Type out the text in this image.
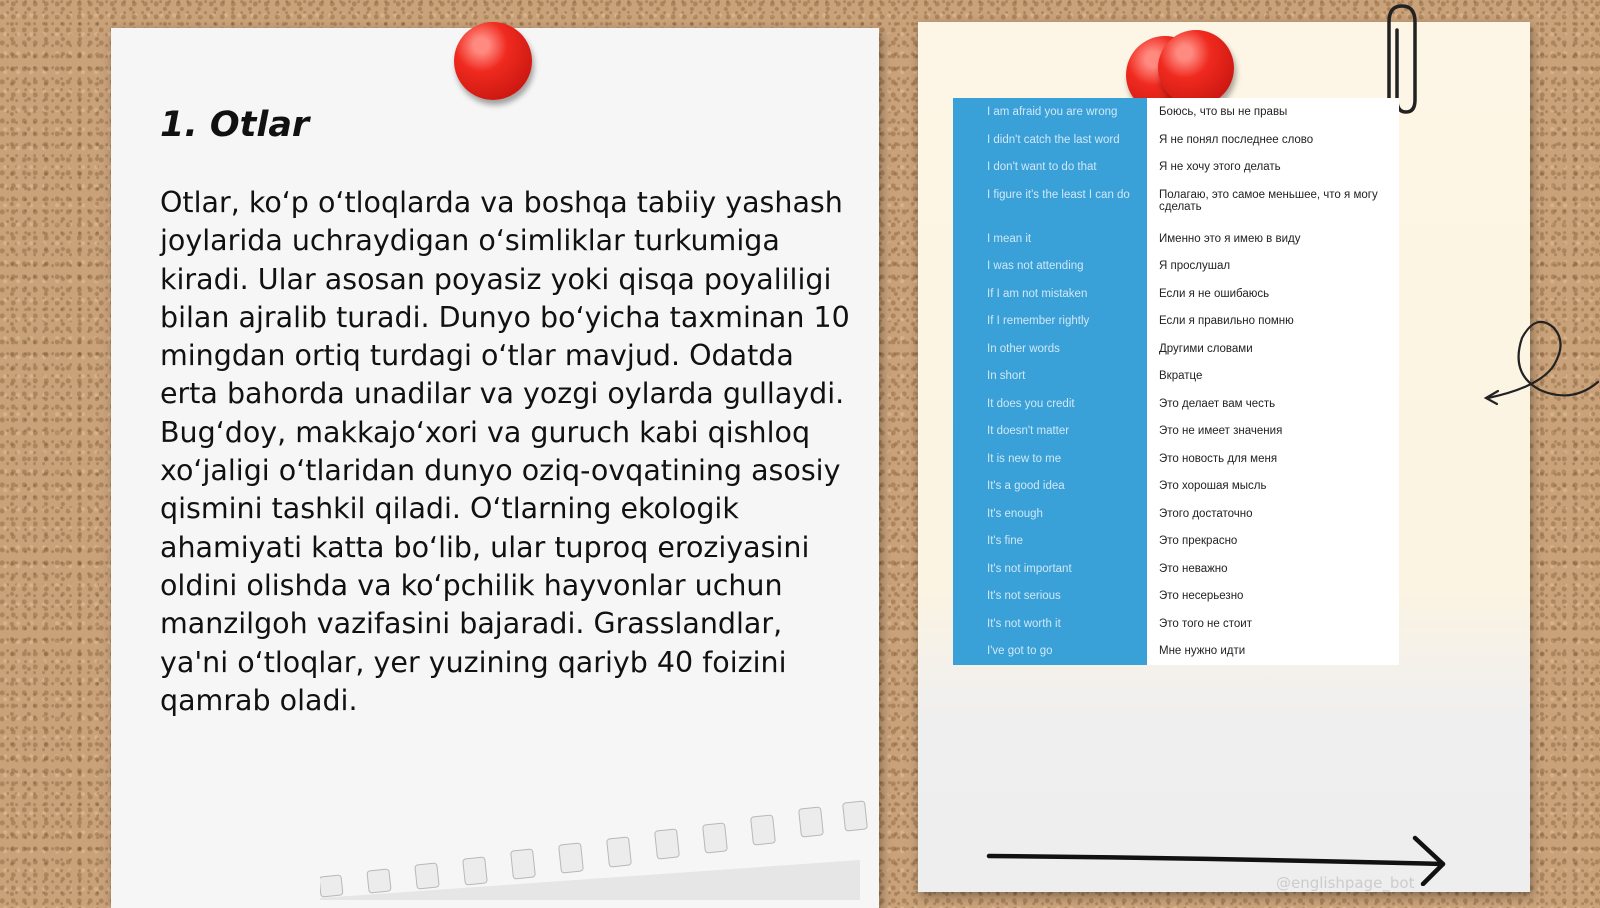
1. Otlar

Otlar, koʻp oʻtloqlarda va boshqa tabiiy yashash joylarida uchraydigan oʻsimliklar turkumiga kiradi. Ular asosan poyasiz yoki qisqa poyaliligi bilan ajralib turadi. Dunyo boʻyicha taxminan 10 mingdan ortiq turdagi oʻtlar mavjud. Odatda erta bahorda unadilar va yozgi oylarda gullaydi. Bugʻdoy, makkajoʻxori va guruch kabi qishloq xoʻjaligi oʻtlaridan dunyo oziq-ovqatining asosiy qismini tashkil qiladi. Oʻtlarning ekologik ahamiyati katta boʻlib, ular tuproq eroziyasini oldini olishda va koʻpchilik hayvonlar uchun manzilgoh vazifasini bajaradi. Grasslandlar, ya'ni oʻtloqlar, yer yuzining qariyb 40 foizini qamrab oladi.

I am afraid you are wrong	Боюсь, что вы не правы
I didn't catch the last word	Я не понял последнее слово
I don't want to do that	Я не хочу этого делать
I figure it's the least I can do	Полагаю, это самое меньшее, что я могу сделать
I mean it	Именно это я имею в виду
I was not attending	Я прослушал
If I am not mistaken	Если я не ошибаюсь
If I remember rightly	Если я правильно помню
In other words	Другими словами
In short	Вкратце
It does you credit	Это делает вам честь
It doesn't matter	Это не имеет значения
It is new to me	Это новость для меня
It's a good idea	Это хорошая мысль
It's enough	Этого достаточно
It's fine	Это прекрасно
It's not important	Это неважно
It's not serious	Это несерьезно
It's not worth it	Это того не стоит
I've got to go	Мне нужно идти
@englishpage_bot
